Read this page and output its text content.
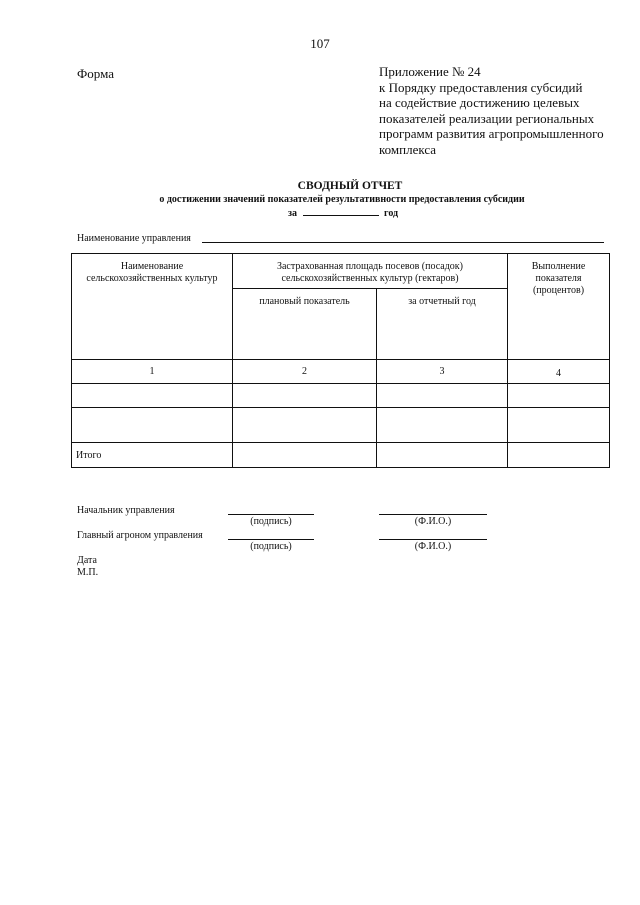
107
Форма	Приложение № 24
к Порядку предоставления субсидий
на содействие достижению целевых
показателей реализации региональных
программ развития агропромышленного
комплекса
СВОДНЫЙ ОТЧЕТ
о достижении значений показателей результативности предоставления субсидии
за	год
Наименование управления
Наименование сельскохозяйственных культур	Застрахованная площадь посевов (посадок) сельскохозяйственных культур (гектаров)		Выполнение показателя (процентов)
	плановый показатель	за отчетный год	
1	2	3	4

Итого			
Начальник управления
(подпись)	(Ф.И.О.)
Главный агроном управления
(подпись)	(Ф.И.О.)
Дата
М.П.
